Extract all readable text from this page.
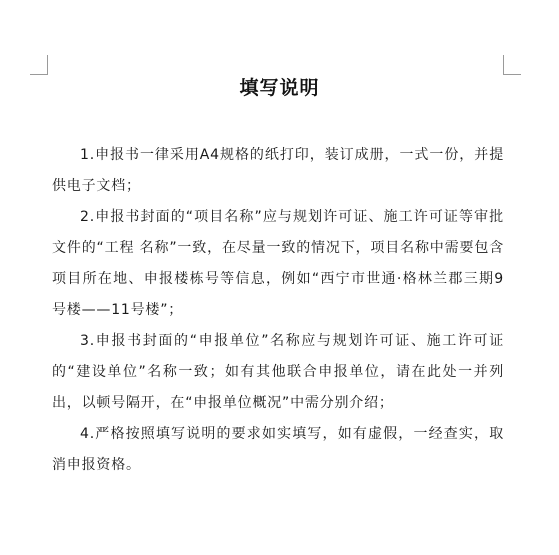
填写说明

1.申报书一律采用A4规格的纸打印，装订成册，一式一份，并提供电子文档；

2.申报书封面的“项目名称”应与规划许可证、施工许可证等审批文件的“工程 名称”一致，在尽量一致的情况下，项目名称中需要包含项目所在地、申报楼栋号等信息，例如“西宁市世通·格林兰郡三期9号楼——11号楼”；

3.申报书封面的“申报单位”名称应与规划许可证、施工许可证的“建设单位”名称一致；如有其他联合申报单位，请在此处一并列出，以顿号隔开，在“申报单位概况”中需分别介绍；

4.严格按照填写说明的要求如实填写，如有虚假，一经查实，取消申报资格。
